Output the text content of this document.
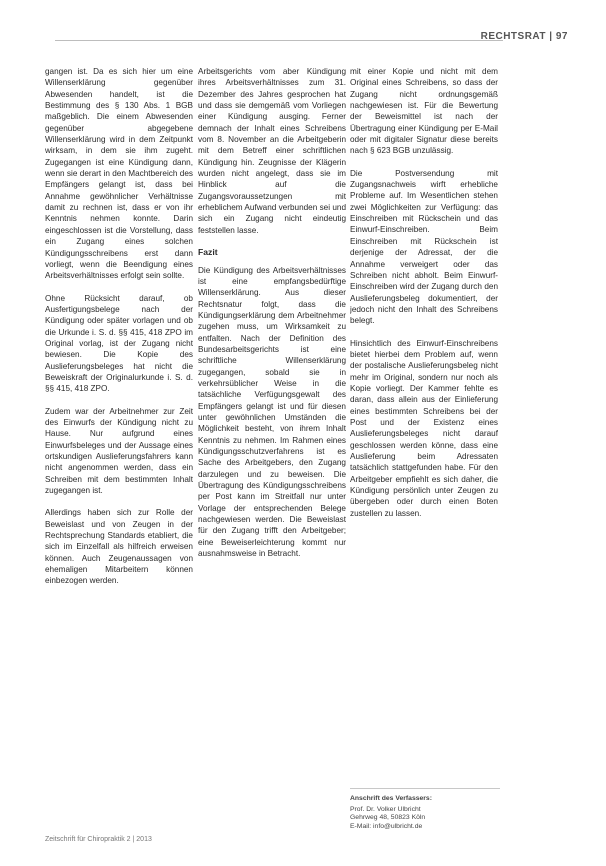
RECHTSRAT | 97

gangen ist. Da es sich hier um eine Willenserklärung gegenüber Abwesenden handelt, ist die Bestimmung des § 130 Abs. 1 BGB maßgeblich. Die einem Abwesenden gegenüber abgegebene Willenserklärung wird in dem Zeitpunkt wirksam, in dem sie ihm zugeht. Zugegangen ist eine Kündigung dann, wenn sie derart in den Machtbereich des Empfängers gelangt ist, dass bei Annahme gewöhnlicher Verhältnisse damit zu rechnen ist, dass er von ihr Kenntnis nehmen konnte. Darin eingeschlossen ist die Vorstellung, dass ein Zugang eines solchen Kündigungsschreibens erst dann vorliegt, wenn die Beendigung eines Arbeitsverhältnisses erfolgt sein sollte.

Ohne Rücksicht darauf, ob Ausfertigungsbelege nach der Kündigung oder später vorlagen und ob die Urkunde i. S. d. §§ 415, 418 ZPO im Original vorlag, ist der Zugang nicht bewiesen. Die Kopie des Auslieferungsbeleges hat nicht die Beweiskraft der Originalurkunde i. S. d. §§ 415, 418 ZPO.

Zudem war der Arbeitnehmer zur Zeit des Einwurfs der Kündigung nicht zu Hause. Nur aufgrund eines Einwurfsbeleges und der Aussage eines ortskundigen Auslieferungsfahrers kann nicht angenommen werden, dass ein Schreiben mit dem bestimmten Inhalt zugegangen ist.

Allerdings haben sich zur Rolle der Beweislast und von Zeugen in der Rechtsprechung Standards etabliert, die sich im Einzelfall als hilfreich erweisen können. Auch Zeugenaussagen von ehemaligen Mitarbeitern können einbezogen werden.

Arbeitsgerichts vom aber Kündigung ihres Arbeitsverhältnisses zum 31. Dezember des Jahres gesprochen hat und dass sie demgemäß vom Vorliegen einer Kündigung ausging. Ferner demnach der Inhalt eines Schreibens vom 8. November an die Arbeitgeberin mit dem Betreff einer schriftlichen Kündigung hin. Zeugnisse der Klägerin wurden nicht angelegt, dass sie im Hinblick auf die Zugangsvoraussetzungen mit erheblichem Aufwand verbunden sei und sich ein Zugang nicht eindeutig feststellen lasse.

Fazit

Die Kündigung des Arbeitsverhältnisses ist eine empfangsbedürftige Willenserklärung. Aus dieser Rechtsnatur folgt, dass die Kündigungserklärung dem Arbeitnehmer zugehen muss, um Wirksamkeit zu entfalten. Nach der Definition des Bundesarbeitsgerichts ist eine schriftliche Willenserklärung zugegangen, sobald sie in verkehrsüblicher Weise in die tatsächliche Verfügungsgewalt des Empfängers gelangt ist und für diesen unter gewöhnlichen Umständen die Möglichkeit besteht, von ihrem Inhalt Kenntnis zu nehmen. Im Rahmen eines Kündigungsschutzverfahrens ist es Sache des Arbeitgebers, den Zugang darzulegen und zu beweisen. Die Übertragung des Kündigungsschreibens per Post kann im Streitfall nur unter Vorlage der entsprechenden Belege nachgewiesen werden. Die Beweislast für den Zugang trifft den Arbeitgeber; eine Beweiserleichterung kommt nur ausnahmsweise in Betracht.

mit einer Kopie und nicht mit dem Original eines Schreibens, so dass der Zugang nicht ordnungsgemäß nachgewiesen ist. Für die Bewertung der Beweismittel ist nach der Übertragung einer Kündigung per E-Mail oder mit digitaler Signatur diese bereits nach § 623 BGB unzulässig.

Die Postversendung mit Zugangsnachweis wirft erhebliche Probleme auf. Im Wesentlichen stehen zwei Möglichkeiten zur Verfügung: das Einschreiben mit Rückschein und das Einwurf-Einschreiben. Beim Einschreiben mit Rückschein ist derjenige der Adressat, der die Annahme verweigert oder das Schreiben nicht abholt. Beim Einwurf-Einschreiben wird der Zugang durch den Auslieferungsbeleg dokumentiert, der jedoch nicht den Inhalt des Schreibens belegt.

Hinsichtlich des Einwurf-Einschreibens bietet hierbei dem Problem auf, wenn der postalische Auslieferungsbeleg nicht mehr im Original, sondern nur noch als Kopie vorliegt. Der Kammer fehlte es daran, dass allein aus der Einlieferung eines bestimmten Schreibens bei der Post und der Existenz eines Auslieferungsbeleges nicht darauf geschlossen werden könne, dass eine Auslieferung beim Adressaten tatsächlich stattgefunden habe. Für den Arbeitgeber empfiehlt es sich daher, die Kündigung persönlich unter Zeugen zu übergeben oder durch einen Boten zustellen zu lassen.

Anschrift des Verfassers:
Prof. Dr. Volker Ulbricht
Gehrweg 48, 50823 Köln
E-Mail: info@ulbricht.de
Zeitschrift für Chiropraktik 2 | 2013
